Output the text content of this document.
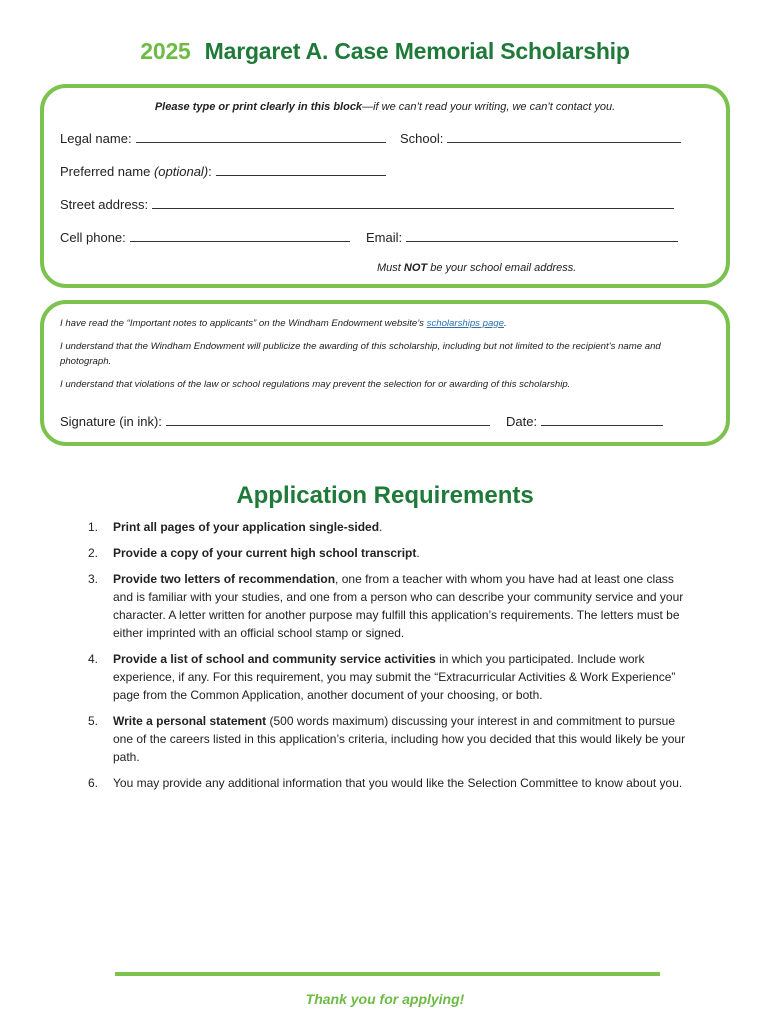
2025 Margaret A. Case Memorial Scholarship
Please type or print clearly in this block—if we can’t read your writing, we can’t contact you.
Legal name:	School:
Preferred name
(optional) :
Street address:
Cell phone:	Email:
Must NOT be your school email address.
I have read the “Important notes to applicants” on the Windham Endowment website’s scholarships page.
I understand that the Windham Endowment will publicize the awarding of this scholarship, including but not limited to the recipient’s name and photograph.
I understand that violations of the law or school regulations may prevent the selection for or awarding of this scholarship.
Signature (in ink):	Date:
Application Requirements
1. Print all pages of your application single-sided.
2. Provide a copy of your current high school transcript.
3. Provide two letters of recommendation, one from a teacher with whom you have had at least one class and is familiar with your studies, and one from a person who can describe your community service and your character. A letter written for another purpose may fulfill this application’s requirements. The letters must be either imprinted with an official school stamp or signed.
4. Provide a list of school and community service activities in which you participated. Include work experience, if any. For this requirement, you may submit the “Extracurricular Activities & Work Experience” page from the Common Application, another document of your choosing, or both.
5. Write a personal statement (500 words maximum) discussing your interest in and commitment to pursue one of the careers listed in this application’s criteria, including how you decided that this would likely be your path.
6. You may provide any additional information that you would like the Selection Committee to know about you.
Thank you for applying!
